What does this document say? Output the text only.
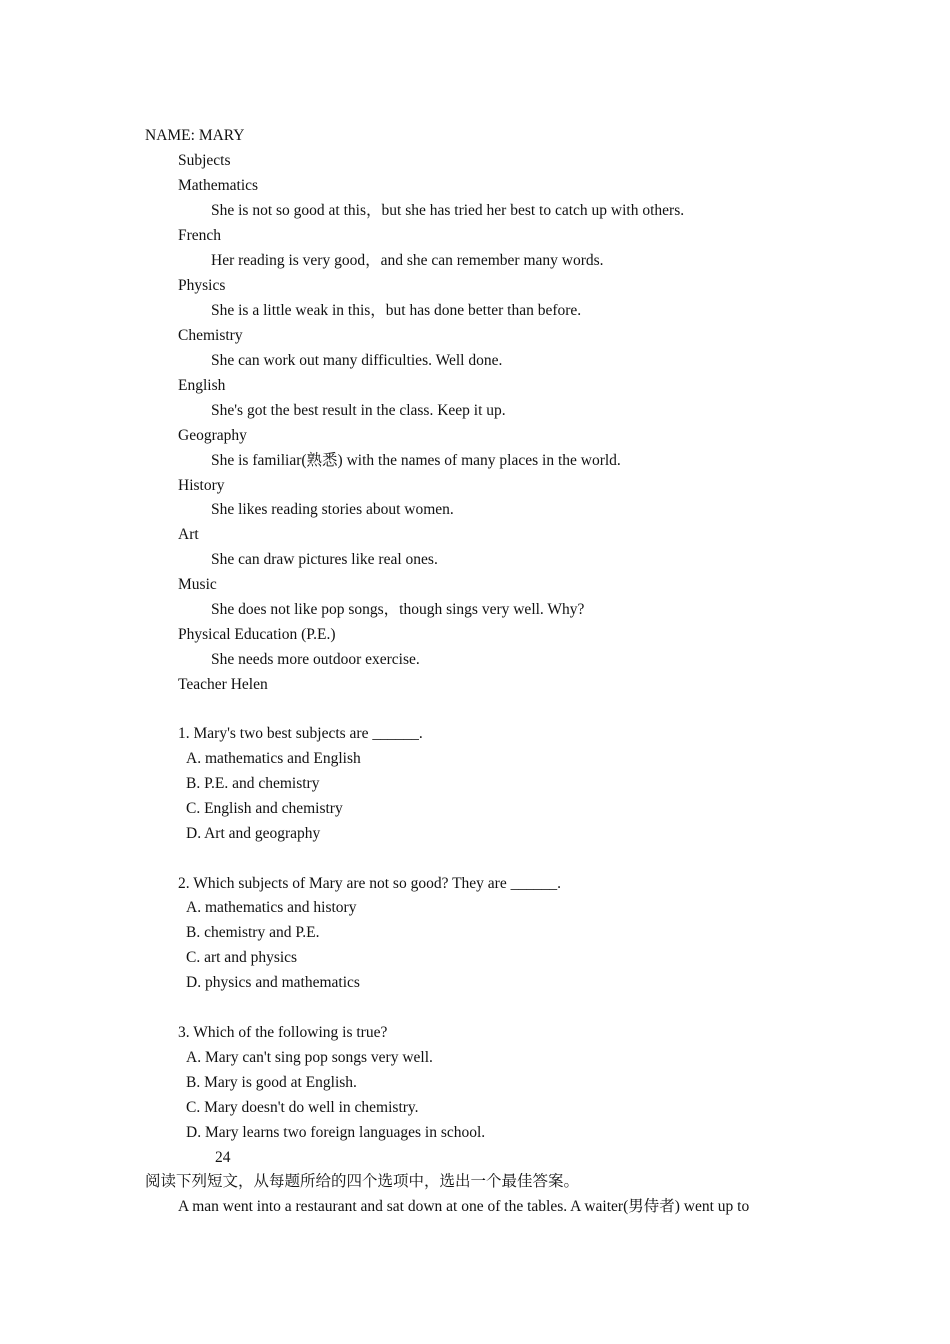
NAME: MARY
Subjects
Mathematics
She is not so good at this，but she has tried her best to catch up with others.
French
Her reading is very good，and she can remember many words.
Physics
She is a little weak in this，but has done better than before.
Chemistry
She can work out many difficulties. Well done.
English
She's got the best result in the class. Keep it up.
Geography
She is familiar(熟悉) with the names of many places in the world.
History
She likes reading stories about women.
Art
She can draw pictures like real ones.
Music
She does not like pop songs，though sings very well. Why?
Physical Education (P.E.)
She needs more outdoor exercise.
Teacher Helen
1. Mary's two best subjects are ______.
A. mathematics and English
B. P.E. and chemistry
C. English and chemistry
D. Art and geography
2. Which subjects of Mary are not so good? They are ______.
A. mathematics and history
B. chemistry and P.E.
C. art and physics
D. physics and mathematics
3. Which of the following is true?
A. Mary can't sing pop songs very well.
B. Mary is good at English.
C. Mary doesn't do well in chemistry.
D. Mary learns two foreign languages in school.
24
阅读下列短文，从每题所给的四个选项中，选出一个最佳答案。
A man went into a restaurant and sat down at one of the tables. A waiter(男侍者) went up to
